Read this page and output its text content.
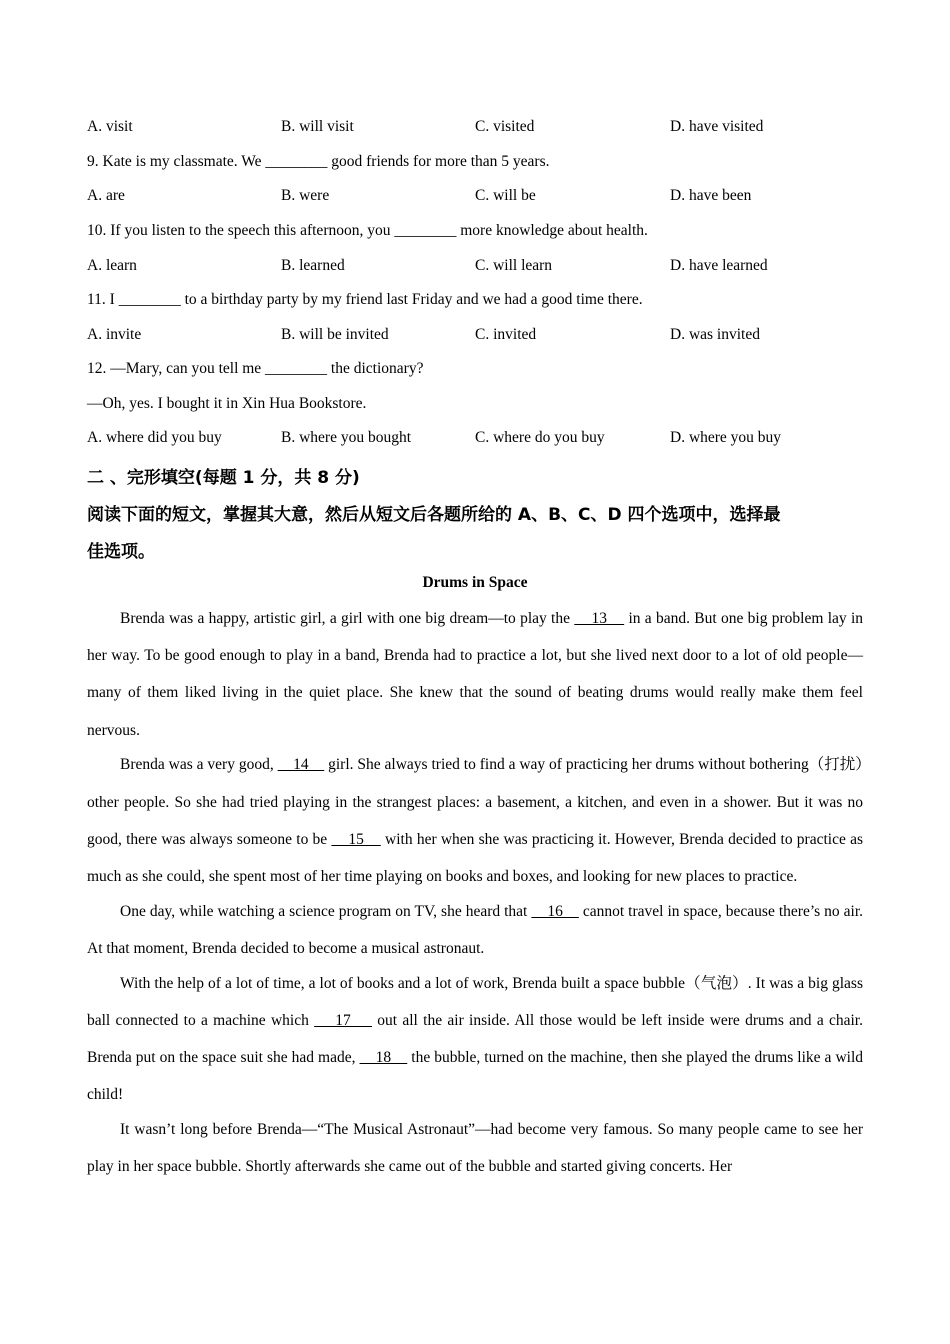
A. visit	B. will visit	C. visited	D. have visited
9. Kate is my classmate. We ________ good friends for more than 5 years.
A. are	B. were	C. will be	D. have been
10. If you listen to the speech this afternoon, you ________ more knowledge about health.
A. learn	B. learned	C. will learn	D. have learned
11. I ________ to a birthday party by my friend last Friday and we had a good time there.
A. invite	B. will be invited	C. invited	D. was invited
12. —Mary, can you tell me ________ the dictionary?
—Oh, yes. I bought it in Xin Hua Bookstore.
A. where did you buy	B. where you bought	C. where do you buy	D. where you buy
二 、完形填空(每题 1 分，共 8 分)
阅读下面的短文，掌握其大意，然后从短文后各题所给的 A、B、C、D 四个选项中，选择最
佳选项。
Drums in Space

Brenda was a happy, artistic girl, a girl with one big dream—to play the     13     in a band. But one big problem lay in her way. To be good enough to play in a band, Brenda had to practice a lot, but she lived next door to a lot of old people—many of them liked living in the quiet place. She knew that the sound of beating drums would really make them feel nervous.

Brenda was a very good,     14     girl. She always tried to find a way of practicing her drums without bothering（打扰）other people. So she had tried playing in the strangest places: a basement, a kitchen, and even in a shower. But it was no good, there was always someone to be     15     with her when she was practicing it. However, Brenda decided to practice as much as she could, she spent most of her time playing on books and boxes, and looking for new places to practice.

One day, while watching a science program on TV, she heard that     16     cannot travel in space, because there’s no air. At that moment, Brenda decided to become a musical astronaut.

With the help of a lot of time, a lot of books and a lot of work, Brenda built a space bubble（气泡）. It was a big glass ball connected to a machine which     17     out all the air inside. All those would be left inside were drums and a chair. Brenda put on the space suit she had made,     18     the bubble, turned on the machine, then she played the drums like a wild child!

It wasn’t long before Brenda—“The Musical Astronaut”—had become very famous. So many people came to see her play in her space bubble. Shortly afterwards she came out of the bubble and started giving concerts. Her
